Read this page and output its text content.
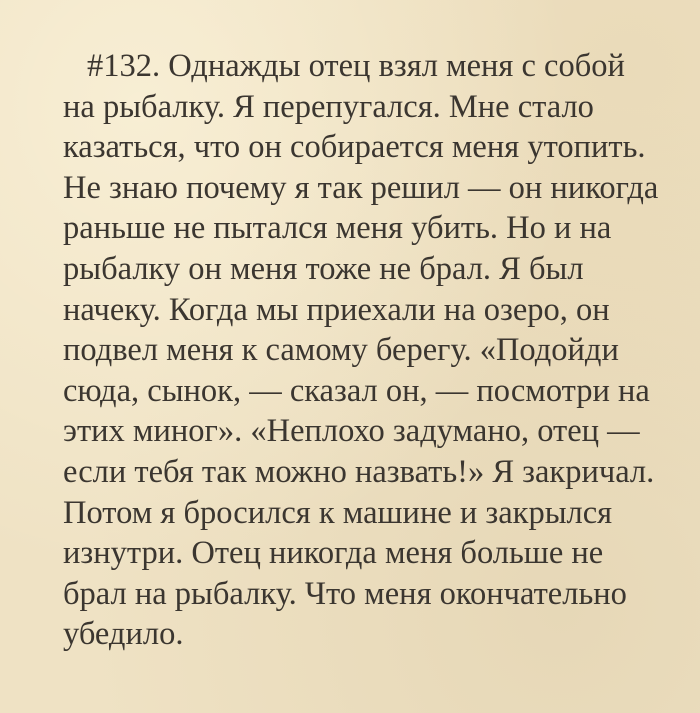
#132. Однажды отец взял меня с собой
на рыбалку. Я перепугался. Мне стало
казаться, что он собирается меня утопить.
Не знаю почему я так решил — он никогда
раньше не пытался меня убить. Но и на
рыбалку он меня тоже не брал. Я был
начеку. Когда мы приехали на озеро, он
подвел меня к самому берегу. «Подойди
сюда, сынок, — сказал он, — посмотри на
этих миног». «Неплохо задумано, отец —
если тебя так можно назвать!» Я закричал.
Потом я бросился к машине и закрылся
изнутри. Отец никогда меня больше не
брал на рыбалку. Что меня окончательно
убедило.
